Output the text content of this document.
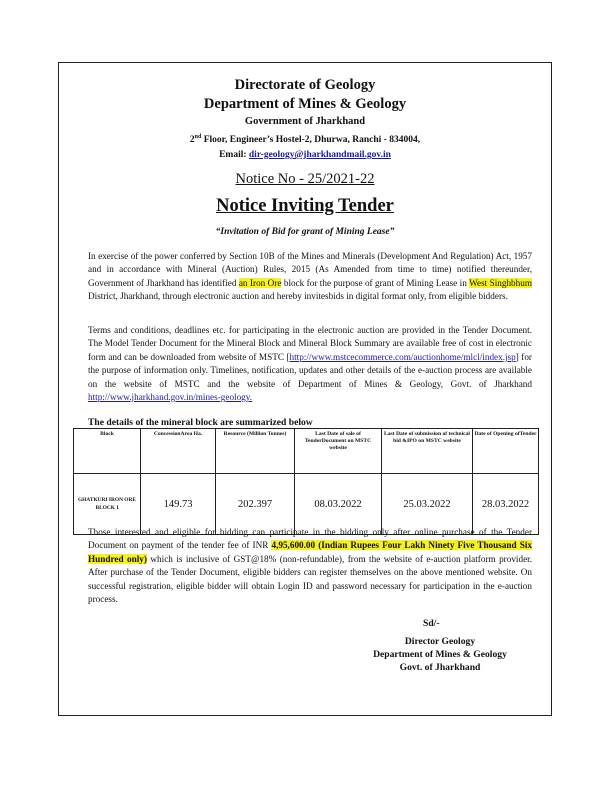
Directorate of Geology
Department of Mines & Geology
Government of Jharkhand
2nd Floor, Engineer’s Hostel-2, Dhurwa, Ranchi - 834004,
Email: dir-geology@jharkhandmail.gov.in
Notice No - 25/2021-22
Notice Inviting Tender
“Invitation of Bid for grant of Mining Lease”

In exercise of the power conferred by Section 10B of the Mines and Minerals (Development And Regulation) Act, 1957 and in accordance with Mineral (Auction) Rules, 2015 (As Amended from time to time) notified thereunder, Government of Jharkhand has identified an Iron Ore block for the purpose of grant of Mining Lease in West Singhbhum District, Jharkhand, through electronic auction and hereby invitesbids in digital format only, from eligible bidders.

Terms and conditions, deadlines etc. for participating in the electronic auction are provided in the Tender Document. The Model Tender Document for the Mineral Block and Mineral Block Summary are available free of cost in electronic form and can be downloaded from website of MSTC [http://www.mstcecommerce.com/auctionhome/mlcl/index.jsp] for the purpose of information only. Timelines, notification, updates and other details of the e-auction process are available on the website of MSTC and the website of Department of Mines & Geology, Govt. of Jharkhand http://www.jharkhand.gov.in/mines-geology.

The details of the mineral block are summarized below
Block	ConcessionArea Ha.	Resource (Million Tonnes)	Last Date of sale of TenderDocument on MSTC website	Last Date of submission of technical bid &IPO on MSTC website	Date of Opening ofTender
GHATKURI IRON ORE BLOCK I	149.73	202.397	08.03.2022	25.03.2022	28.03.2022

Those interested and eligible for bidding can participate in the bidding only after online purchase of the Tender Document on payment of the tender fee of INR 4,95,600.00 (Indian Rupees Four Lakh Ninety Five Thousand Six Hundred only) which is inclusive of GST@18% (non-refundable), from the website of e-auction platform provider. After purchase of the Tender Document, eligible bidders can register themselves on the above mentioned website. On successful registration, eligible bidder will obtain Login ID and password necessary for participation in the e-auction process.

Sd/-
Director Geology
Department of Mines & Geology
Govt. of Jharkhand
